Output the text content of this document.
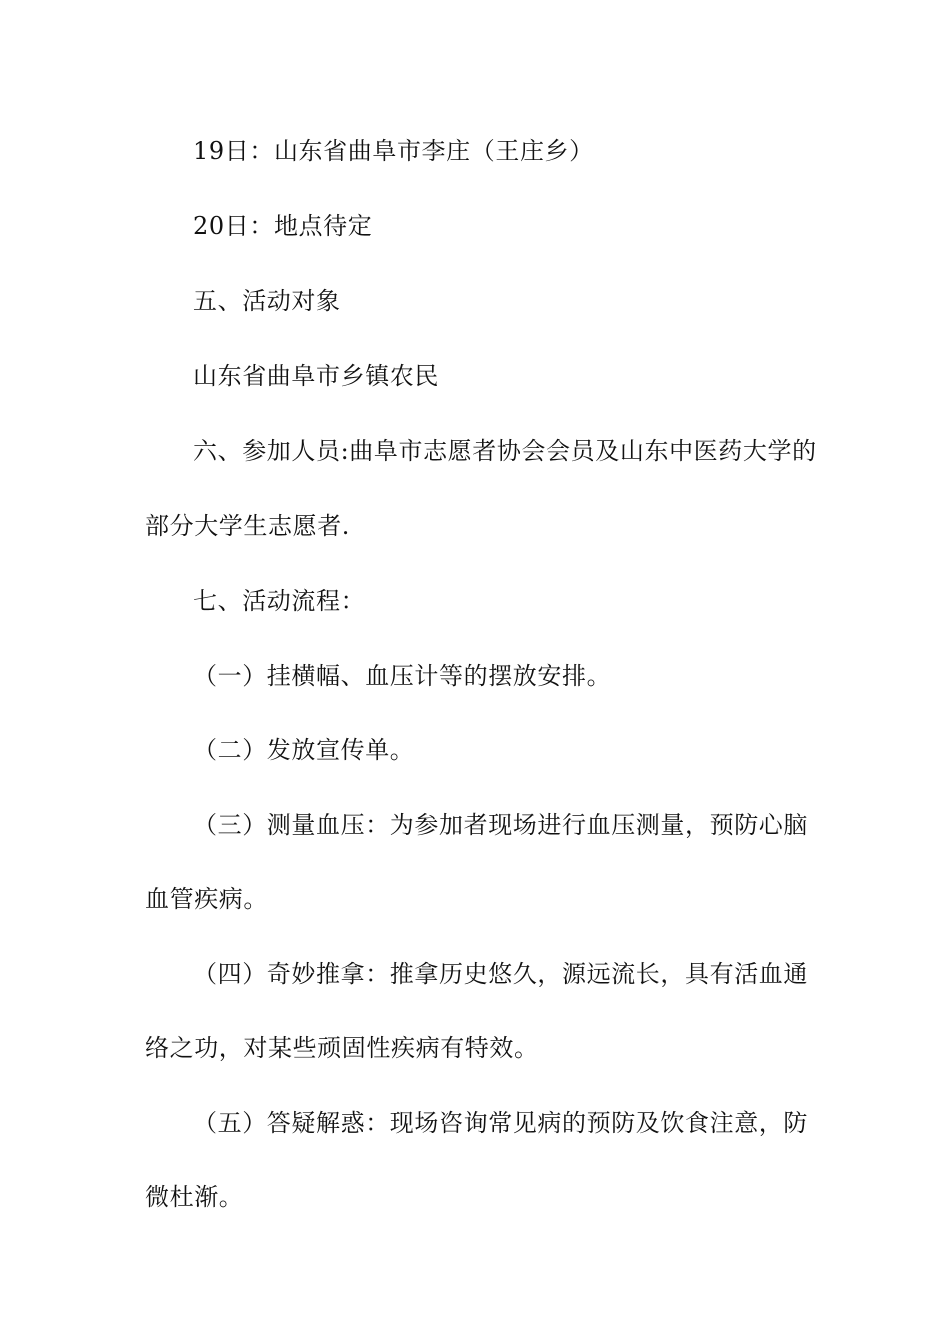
19日：山东省曲阜市李庄（王庄乡）

20日：地点待定

五、活动对象

山东省曲阜市乡镇农民

六、参加人员:曲阜市志愿者协会会员及山东中医药大学的

部分大学生志愿者.

七、活动流程：

（一）挂横幅、血压计等的摆放安排。

（二）发放宣传单。

（三）测量血压：为参加者现场进行血压测量，预防心脑

血管疾病。

（四）奇妙推拿：推拿历史悠久，源远流长，具有活血通

络之功，对某些顽固性疾病有特效。

（五）答疑解惑：现场咨询常见病的预防及饮食注意，防

微杜渐。
